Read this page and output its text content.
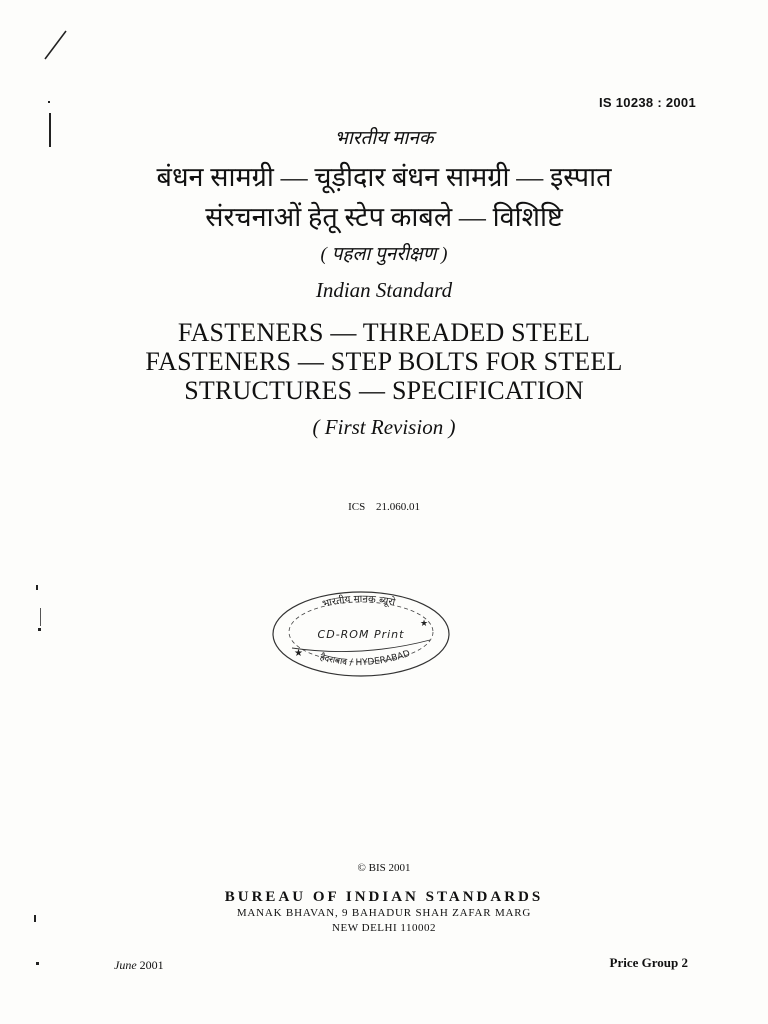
IS 10238 : 2001
भारतीय मानक
बंधन सामग्री — चूड़ीदार बंधन सामग्री — इस्पात
संरचनाओं हेतू स्टेप काबले — विशिष्टि
( पहला पुनरीक्षण )
Indian Standard
FASTENERS — THREADED STEEL
FASTENERS — STEP BOLTS FOR STEEL
STRUCTURES — SPECIFICATION
( First Revision )
ICS 21.060.01
भारतीय मानक ब्यूरो
CD-ROM Print
हैदराबाद / HYDERABAD
★
★
© BIS 2001
BUREAU OF INDIAN STANDARDS
MANAK BHAVAN, 9 BAHADUR SHAH ZAFAR MARG
NEW DELHI 110002
June 2001	Price Group 2
